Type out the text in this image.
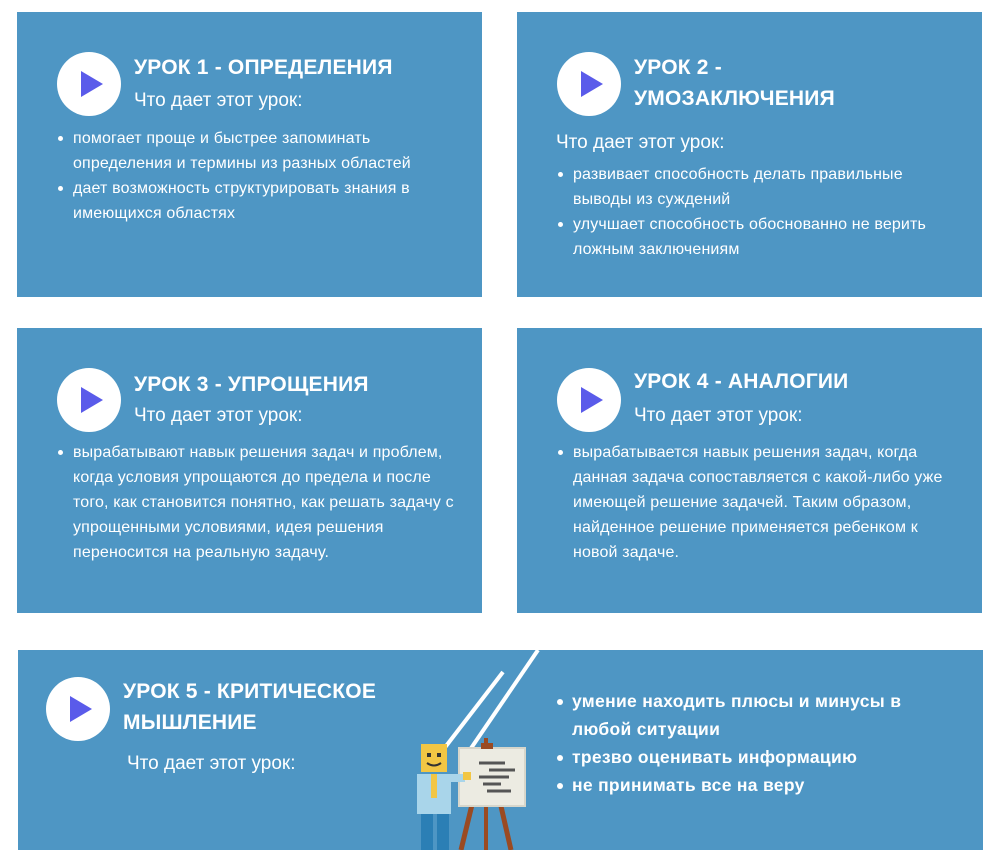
УРОК 1 - ОПРЕДЕЛЕНИЯ
Что дает этот урок:
помогает проще и быстрее запоминать определения и термины из разных областей
дает возможность структурировать знания в имеющихся областях
УРОК 2 -
УМОЗАКЛЮЧЕНИЯ
Что дает этот урок:
развивает способность делать правильные выводы из суждений
улучшает способность обоснованно не верить ложным заключениям
УРОК 3 - УПРОЩЕНИЯ
Что дает этот урок:
вырабатывают навык решения задач и проблем, когда условия упрощаются до предела и после того, как становится понятно, как решать задачу с упрощенными условиями, идея решения переносится на реальную задачу.
УРОК 4 - АНАЛОГИИ
Что дает этот урок:
вырабатывается навык решения задач, когда данная задача сопоставляется с какой-либо уже имеющей решение задачей. Таким образом, найденное решение применяется ребенком к новой задаче.
УРОК 5 - КРИТИЧЕСКОЕ
МЫШЛЕНИЕ
Что дает этот урок:
умение находить плюсы и минусы в любой ситуации
трезво оценивать информацию
не принимать все на веру
